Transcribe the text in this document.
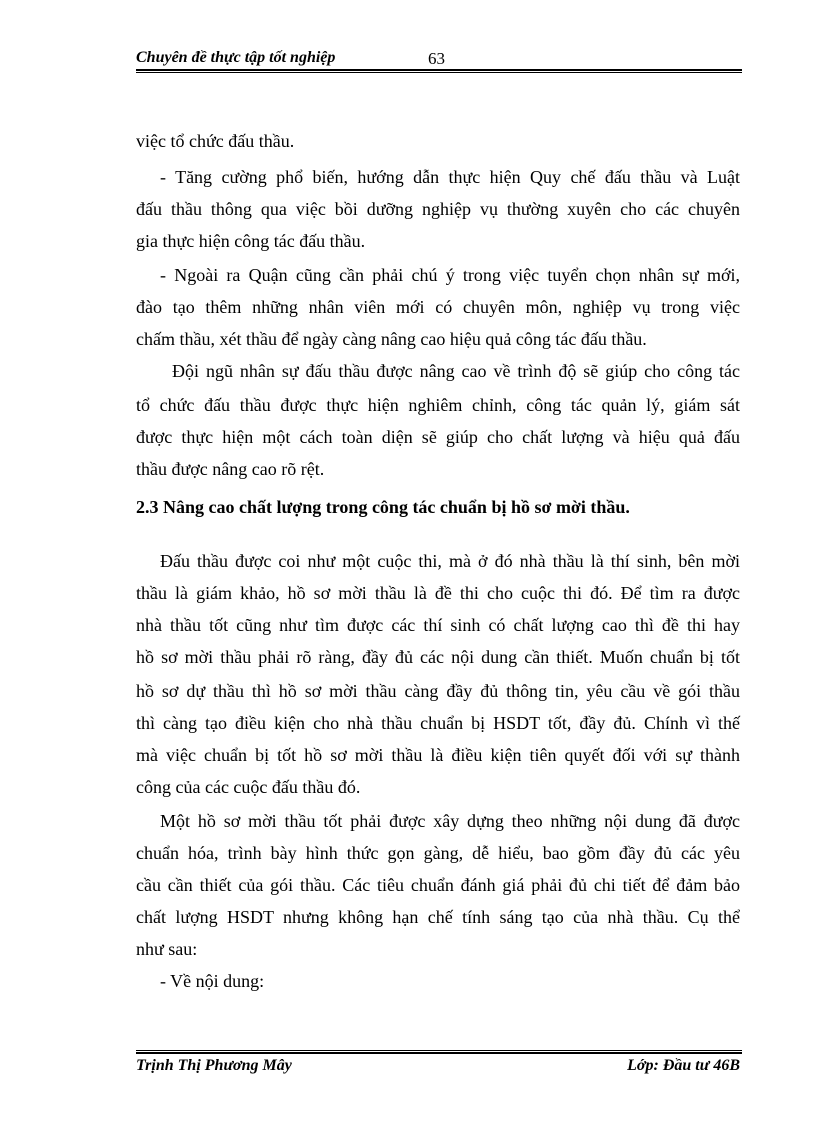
Chuyên đề thực tập tốt nghiệp	63
việc tổ chức đấu thầu.
- Tăng cường phổ biến, hướng dẫn thực hiện Quy chế đấu thầu và Luật
đấu thầu thông qua việc bồi dưỡng nghiệp vụ thường xuyên cho các chuyên
gia thực hiện công tác đấu thầu.
- Ngoài ra Quận cũng cần phải chú ý trong việc tuyển chọn nhân sự mới,
đào tạo thêm những nhân viên mới có chuyên môn, nghiệp vụ trong việc
chấm thầu, xét thầu để ngày càng nâng cao hiệu quả công tác đấu thầu.
Đội ngũ nhân sự đấu thầu được nâng cao về trình độ sẽ giúp cho công tác
tổ chức đấu thầu được thực hiện nghiêm chỉnh, công tác quản lý, giám sát
được thực hiện một cách toàn diện sẽ giúp cho chất lượng và hiệu quả đấu
thầu được nâng cao rõ rệt.
2.3 Nâng cao chất lượng trong công tác chuẩn bị hồ sơ mời thầu.
Đấu thầu được coi như một cuộc thi, mà ở đó nhà thầu là thí sinh, bên mời
thầu là giám khảo, hồ sơ mời thầu là đề thi cho cuộc thi đó. Để tìm ra được
nhà thầu tốt cũng như tìm được các thí sinh có chất lượng cao thì đề thi hay
hồ sơ mời thầu phải rõ ràng, đầy đủ các nội dung cần thiết. Muốn chuẩn bị tốt
hồ sơ dự thầu thì hồ sơ mời thầu càng đầy đủ thông tin, yêu cầu về gói thầu
thì càng tạo điều kiện cho nhà thầu chuẩn bị HSDT tốt, đầy đủ. Chính vì thế
mà việc chuẩn bị tốt hồ sơ mời thầu là điều kiện tiên quyết đối với sự thành
công của các cuộc đấu thầu đó.
Một hồ sơ mời thầu tốt phải được xây dựng theo những nội dung đã được
chuẩn hóa, trình bày hình thức gọn gàng, dễ hiểu, bao gồm đầy đủ các yêu
cầu cần thiết của gói thầu. Các tiêu chuẩn đánh giá phải đủ chi tiết để đảm bảo
chất lượng HSDT nhưng không hạn chế tính sáng tạo của nhà thầu. Cụ thể
như sau:
- Về nội dung:
Trịnh Thị Phương Mây	Lớp: Đầu tư 46B
